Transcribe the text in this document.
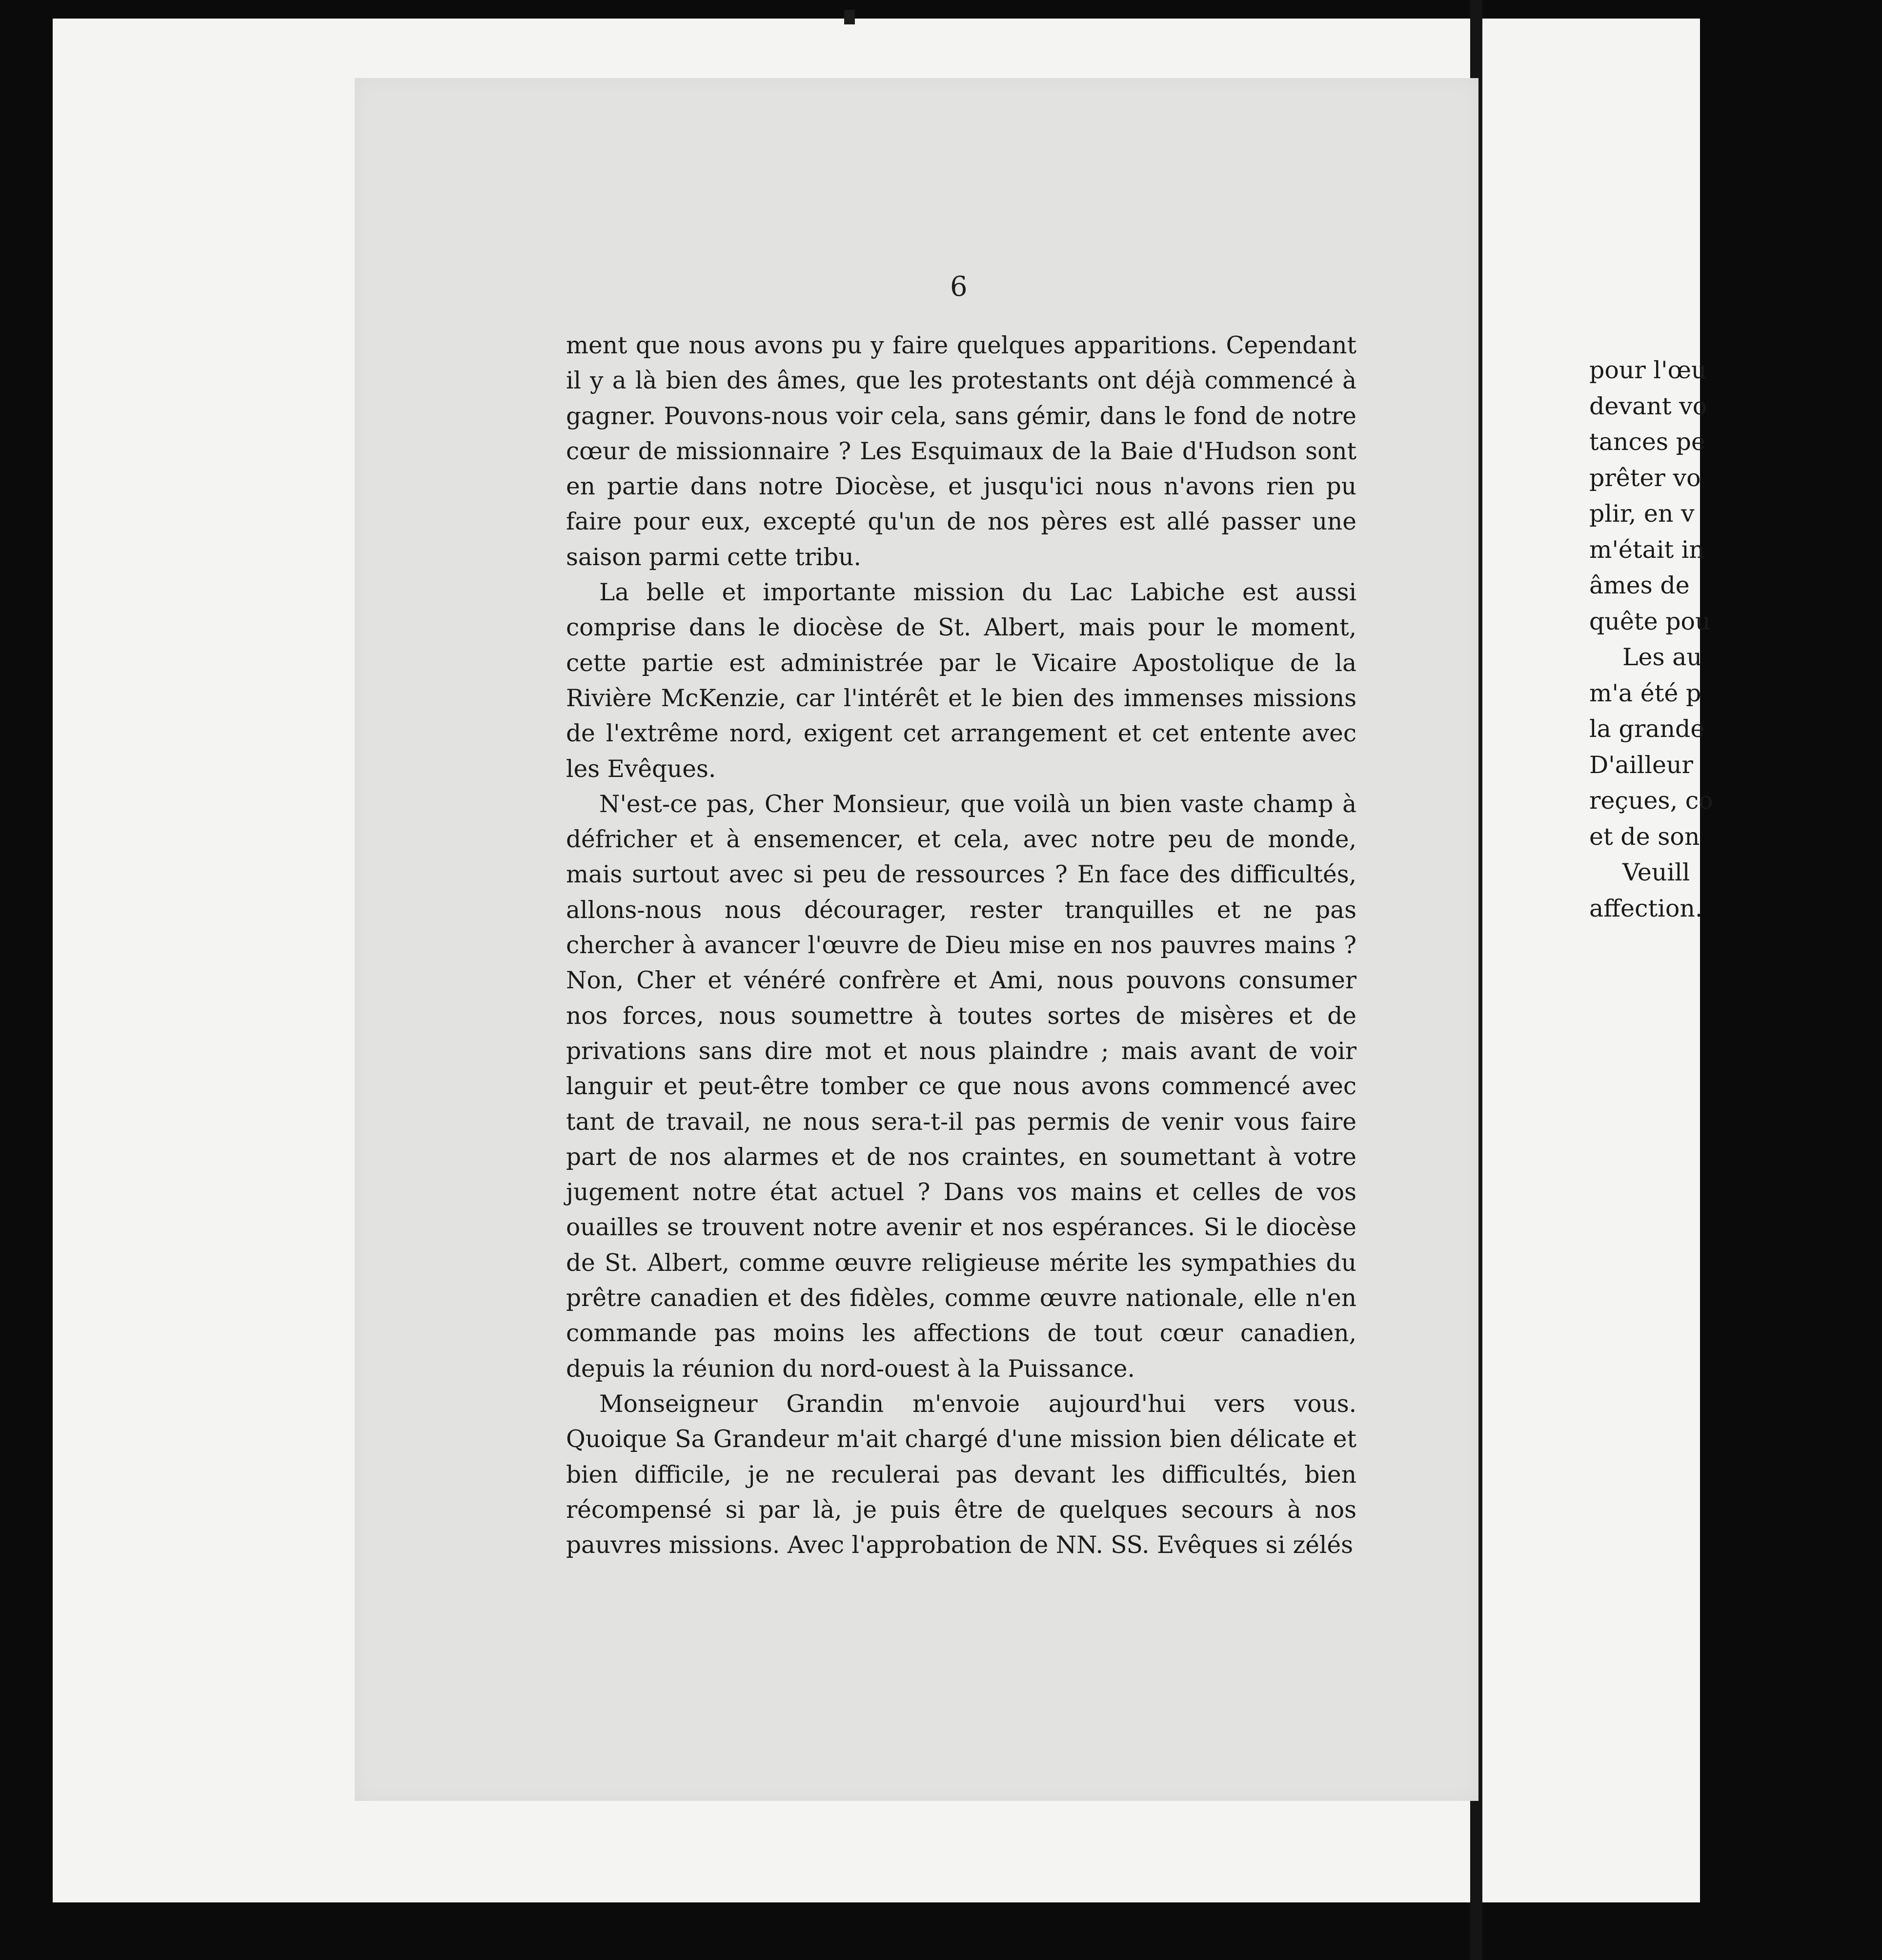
6

ment que nous avons pu y faire quelques apparitions. Cependant il y a là bien des âmes, que les protestants ont déjà commencé à gagner. Pouvons-nous voir cela, sans gémir, dans le fond de notre cœur de missionnaire ? Les Esquimaux de la Baie d'Hudson sont en partie dans notre Diocèse, et jusqu'ici nous n'avons rien pu faire pour eux, excepté qu'un de nos pères est allé passer une saison parmi cette tribu.

La belle et importante mission du Lac Labiche est aussi comprise dans le diocèse de St. Albert, mais pour le moment, cette partie est administrée par le Vicaire Apostolique de la Rivière McKenzie, car l'intérêt et le bien des immenses missions de l'extrême nord, exigent cet arrangement et cet entente avec les Evêques.

N'est-ce pas, Cher Monsieur, que voilà un bien vaste champ à défricher et à ensemencer, et cela, avec notre peu de monde, mais surtout avec si peu de ressources ? En face des difficultés, allons-nous nous décourager, rester tranquilles et ne pas chercher à avancer l'œuvre de Dieu mise en nos pauvres mains ? Non, Cher et vénéré confrère et Ami, nous pouvons consumer nos forces, nous soumettre à toutes sortes de misères et de privations sans dire mot et nous plaindre ; mais avant de voir languir et peut-être tomber ce que nous avons commencé avec tant de travail, ne nous sera-t-il pas permis de venir vous faire part de nos alarmes et de nos craintes, en soumettant à votre jugement notre état actuel ? Dans vos mains et celles de vos ouailles se trouvent notre avenir et nos espérances. Si le diocèse de St. Albert, comme œuvre religieuse mérite les sympathies du prêtre canadien et des fidèles, comme œuvre nationale, elle n'en commande pas moins les affections de tout cœur canadien, depuis la réunion du nord-ouest à la Puissance.

Monseigneur Grandin m'envoie aujourd'hui vers vous. Quoique Sa Grandeur m'ait chargé d'une mission bien délicate et bien difficile, je ne reculerai pas devant les difficultés, bien récompensé si par là, je puis être de quelques secours à nos pauvres missions. Avec l'approbation de NN. SS. Evêques si zélés

pour l'œu
devant vo
tances pe
prêter vo
plir, en v
m'était in
âmes de
quête pou
Les au
m'a été p
la grande
D'ailleur
reçues, co
et de son
Veuill
affection.
